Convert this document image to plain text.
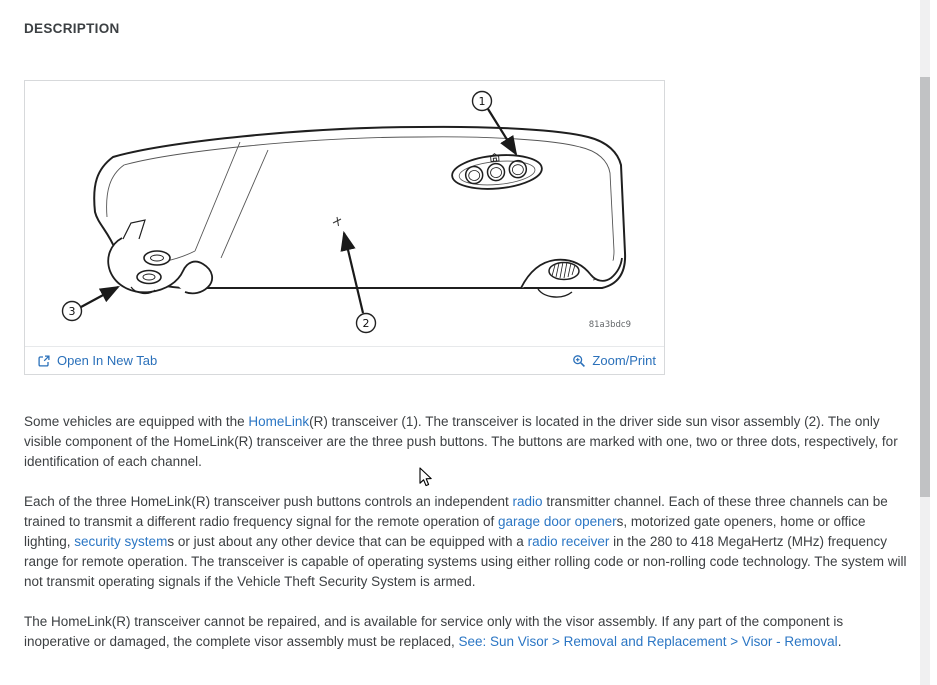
DESCRIPTION
1
2
3
81a3bdc9
Open In New Tab	Zoom/Print

Some vehicles are equipped with the HomeLink(R) transceiver (1). The transceiver is located in the driver side sun visor assembly (2). The only visible component of the HomeLink(R) transceiver are the three push buttons. The buttons are marked with one, two or three dots, respectively, for identification of each channel.

Each of the three HomeLink(R) transceiver push buttons controls an independent radio transmitter channel. Each of these three channels can be trained to transmit a different radio frequency signal for the remote operation of garage door openers, motorized gate openers, home or office lighting, security systems or just about any other device that can be equipped with a radio receiver in the 280 to 418 MegaHertz (MHz) frequency range for remote operation. The transceiver is capable of operating systems using either rolling code or non-rolling code technology. The system will not transmit operating signals if the Vehicle Theft Security System is armed.

The HomeLink(R) transceiver cannot be repaired, and is available for service only with the visor assembly. If any part of the component is inoperative or damaged, the complete visor assembly must be replaced, See: Sun Visor > Removal and Replacement > Visor - Removal.
